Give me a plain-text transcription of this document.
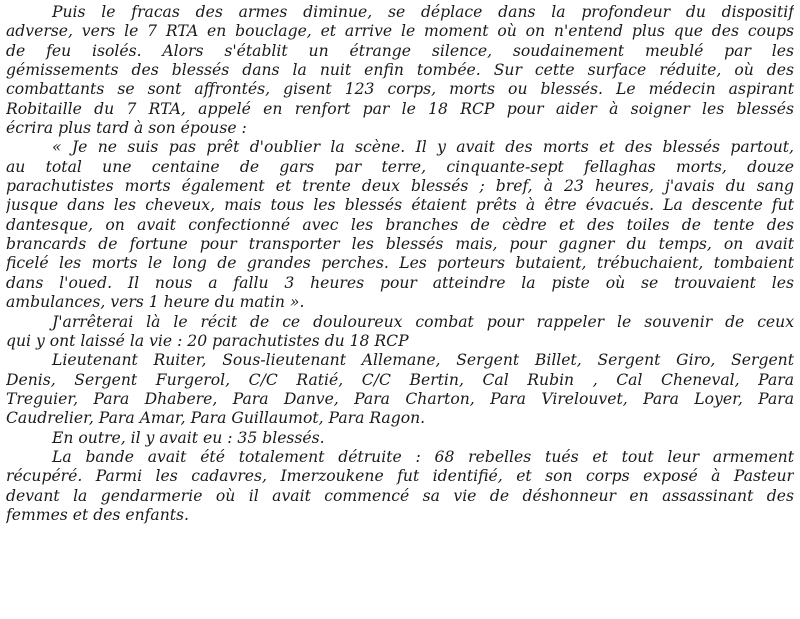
Puis le fracas des armes diminue, se déplace dans la profondeur du dispositif
adverse, vers le 7 RTA en bouclage, et arrive le moment où on n'entend plus que des coups
de feu isolés. Alors s'établit un étrange silence, soudainement meublé par les
gémissements des blessés dans la nuit enfin tombée. Sur cette surface réduite, où des
combattants se sont affrontés, gisent 123 corps, morts ou blessés. Le médecin aspirant
Robitaille du 7 RTA, appelé en renfort par le 18 RCP pour aider à soigner les blessés
écrira plus tard à son épouse :
« Je ne suis pas prêt d'oublier la scène. Il y avait des morts et des blessés partout,
au total une centaine de gars par terre, cinquante-sept fellaghas morts, douze
parachutistes morts également et trente deux blessés ; bref, à 23 heures, j'avais du sang
jusque dans les cheveux, mais tous les blessés étaient prêts à être évacués. La descente fut
dantesque, on avait confectionné avec les branches de cèdre et des toiles de tente des
brancards de fortune pour transporter les blessés mais, pour gagner du temps, on avait
ficelé les morts le long de grandes perches. Les porteurs butaient, trébuchaient, tombaient
dans l'oued. Il nous a fallu 3 heures pour atteindre la piste où se trouvaient les
ambulances, vers 1 heure du matin ».
J'arrêterai là le récit de ce douloureux combat pour rappeler le souvenir de ceux
qui y ont laissé la vie : 20 parachutistes du 18 RCP
Lieutenant Ruiter, Sous-lieutenant Allemane, Sergent Billet, Sergent Giro, Sergent
Denis, Sergent Furgerol, C/C Ratié, C/C Bertin, Cal Rubin , Cal Cheneval, Para
Treguier, Para Dhabere, Para Danve, Para Charton, Para Virelouvet, Para Loyer, Para
Caudrelier, Para Amar, Para Guillaumot, Para Ragon.
En outre, il y avait eu : 35 blessés.
La bande avait été totalement détruite : 68 rebelles tués et tout leur armement
récupéré. Parmi les cadavres, Imerzoukene fut identifié, et son corps exposé à Pasteur
devant la gendarmerie où il avait commencé sa vie de déshonneur en assassinant des
femmes et des enfants.
